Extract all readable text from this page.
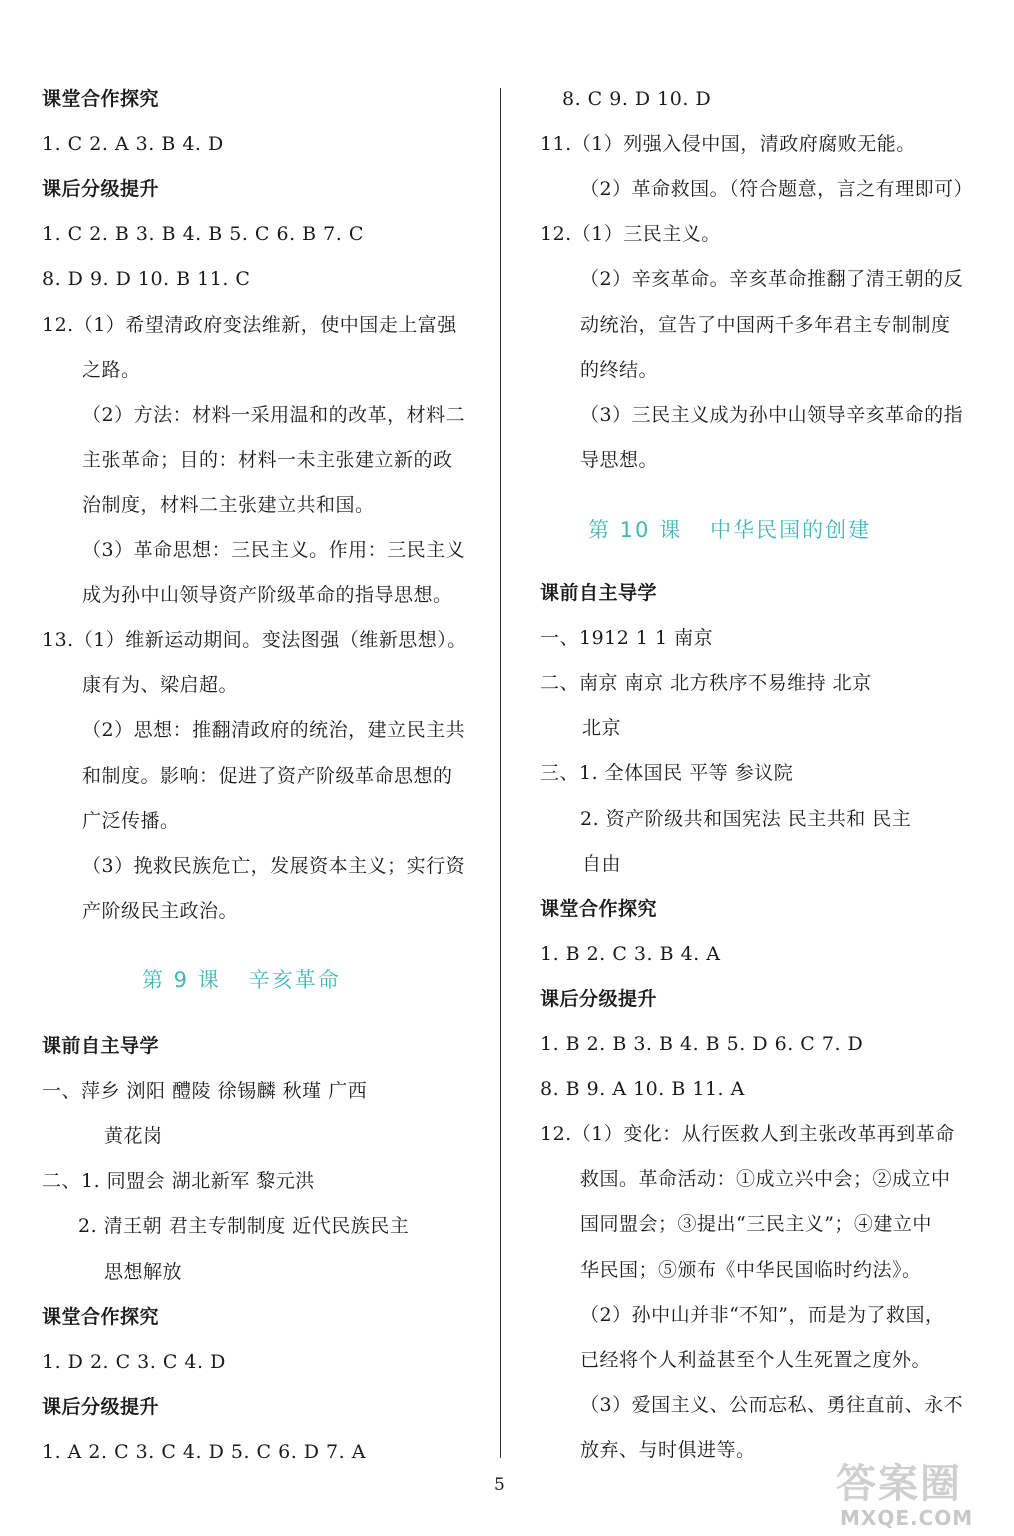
课堂合作探究
1. C 2. A 3. B 4. D
课后分级提升
1. C 2. B 3. B 4. B 5. C 6. B 7. C
8. D 9. D 10. B 11. C
12.（1）希望清政府变法维新，使中国走上富强
之路。
（2）方法：材料一采用温和的改革，材料二
主张革命；目的：材料一未主张建立新的政
治制度，材料二主张建立共和国。
（3）革命思想：三民主义。作用：三民主义
成为孙中山领导资产阶级革命的指导思想。
13.（1）维新运动期间。变法图强（维新思想）。
康有为、梁启超。
（2）思想：推翻清政府的统治，建立民主共
和制度。影响：促进了资产阶级革命思想的
广泛传播。
（3）挽救民族危亡，发展资本主义；实行资
产阶级民主政治。
第 9 课 辛亥革命
课前自主导学
一、萍乡 浏阳 醴陵 徐锡麟 秋瑾 广西
黄花岗
二、1. 同盟会 湖北新军 黎元洪
2. 清王朝 君主专制制度 近代民族民主
思想解放
课堂合作探究
1. D 2. C 3. C 4. D
课后分级提升
1. A 2. C 3. C 4. D 5. C 6. D 7. A
8. C 9. D 10. D
11.（1）列强入侵中国，清政府腐败无能。
（2）革命救国。（符合题意，言之有理即可）
12.（1）三民主义。
（2）辛亥革命。辛亥革命推翻了清王朝的反
动统治，宣告了中国两千多年君主专制制度
的终结。
（3）三民主义成为孙中山领导辛亥革命的指
导思想。
第 10 课 中华民国的创建
课前自主导学
一、1912 1 1 南京
二、南京 南京 北方秩序不易维持 北京
北京
三、1. 全体国民 平等 参议院
2. 资产阶级共和国宪法 民主共和 民主
自由
课堂合作探究
1. B 2. C 3. B 4. A
课后分级提升
1. B 2. B 3. B 4. B 5. D 6. C 7. D
8. B 9. A 10. B 11. A
12.（1）变化：从行医救人到主张改革再到革命
救国。革命活动：①成立兴中会；②成立中
国同盟会；③提出“三民主义”；④建立中
华民国；⑤颁布《中华民国临时约法》。
（2）孙中山并非“不知”，而是为了救国，
已经将个人利益甚至个人生死置之度外。
（3）爱国主义、公而忘私、勇往直前、永不
放弃、与时俱进等。
5	答案圈
MXQE.COM
